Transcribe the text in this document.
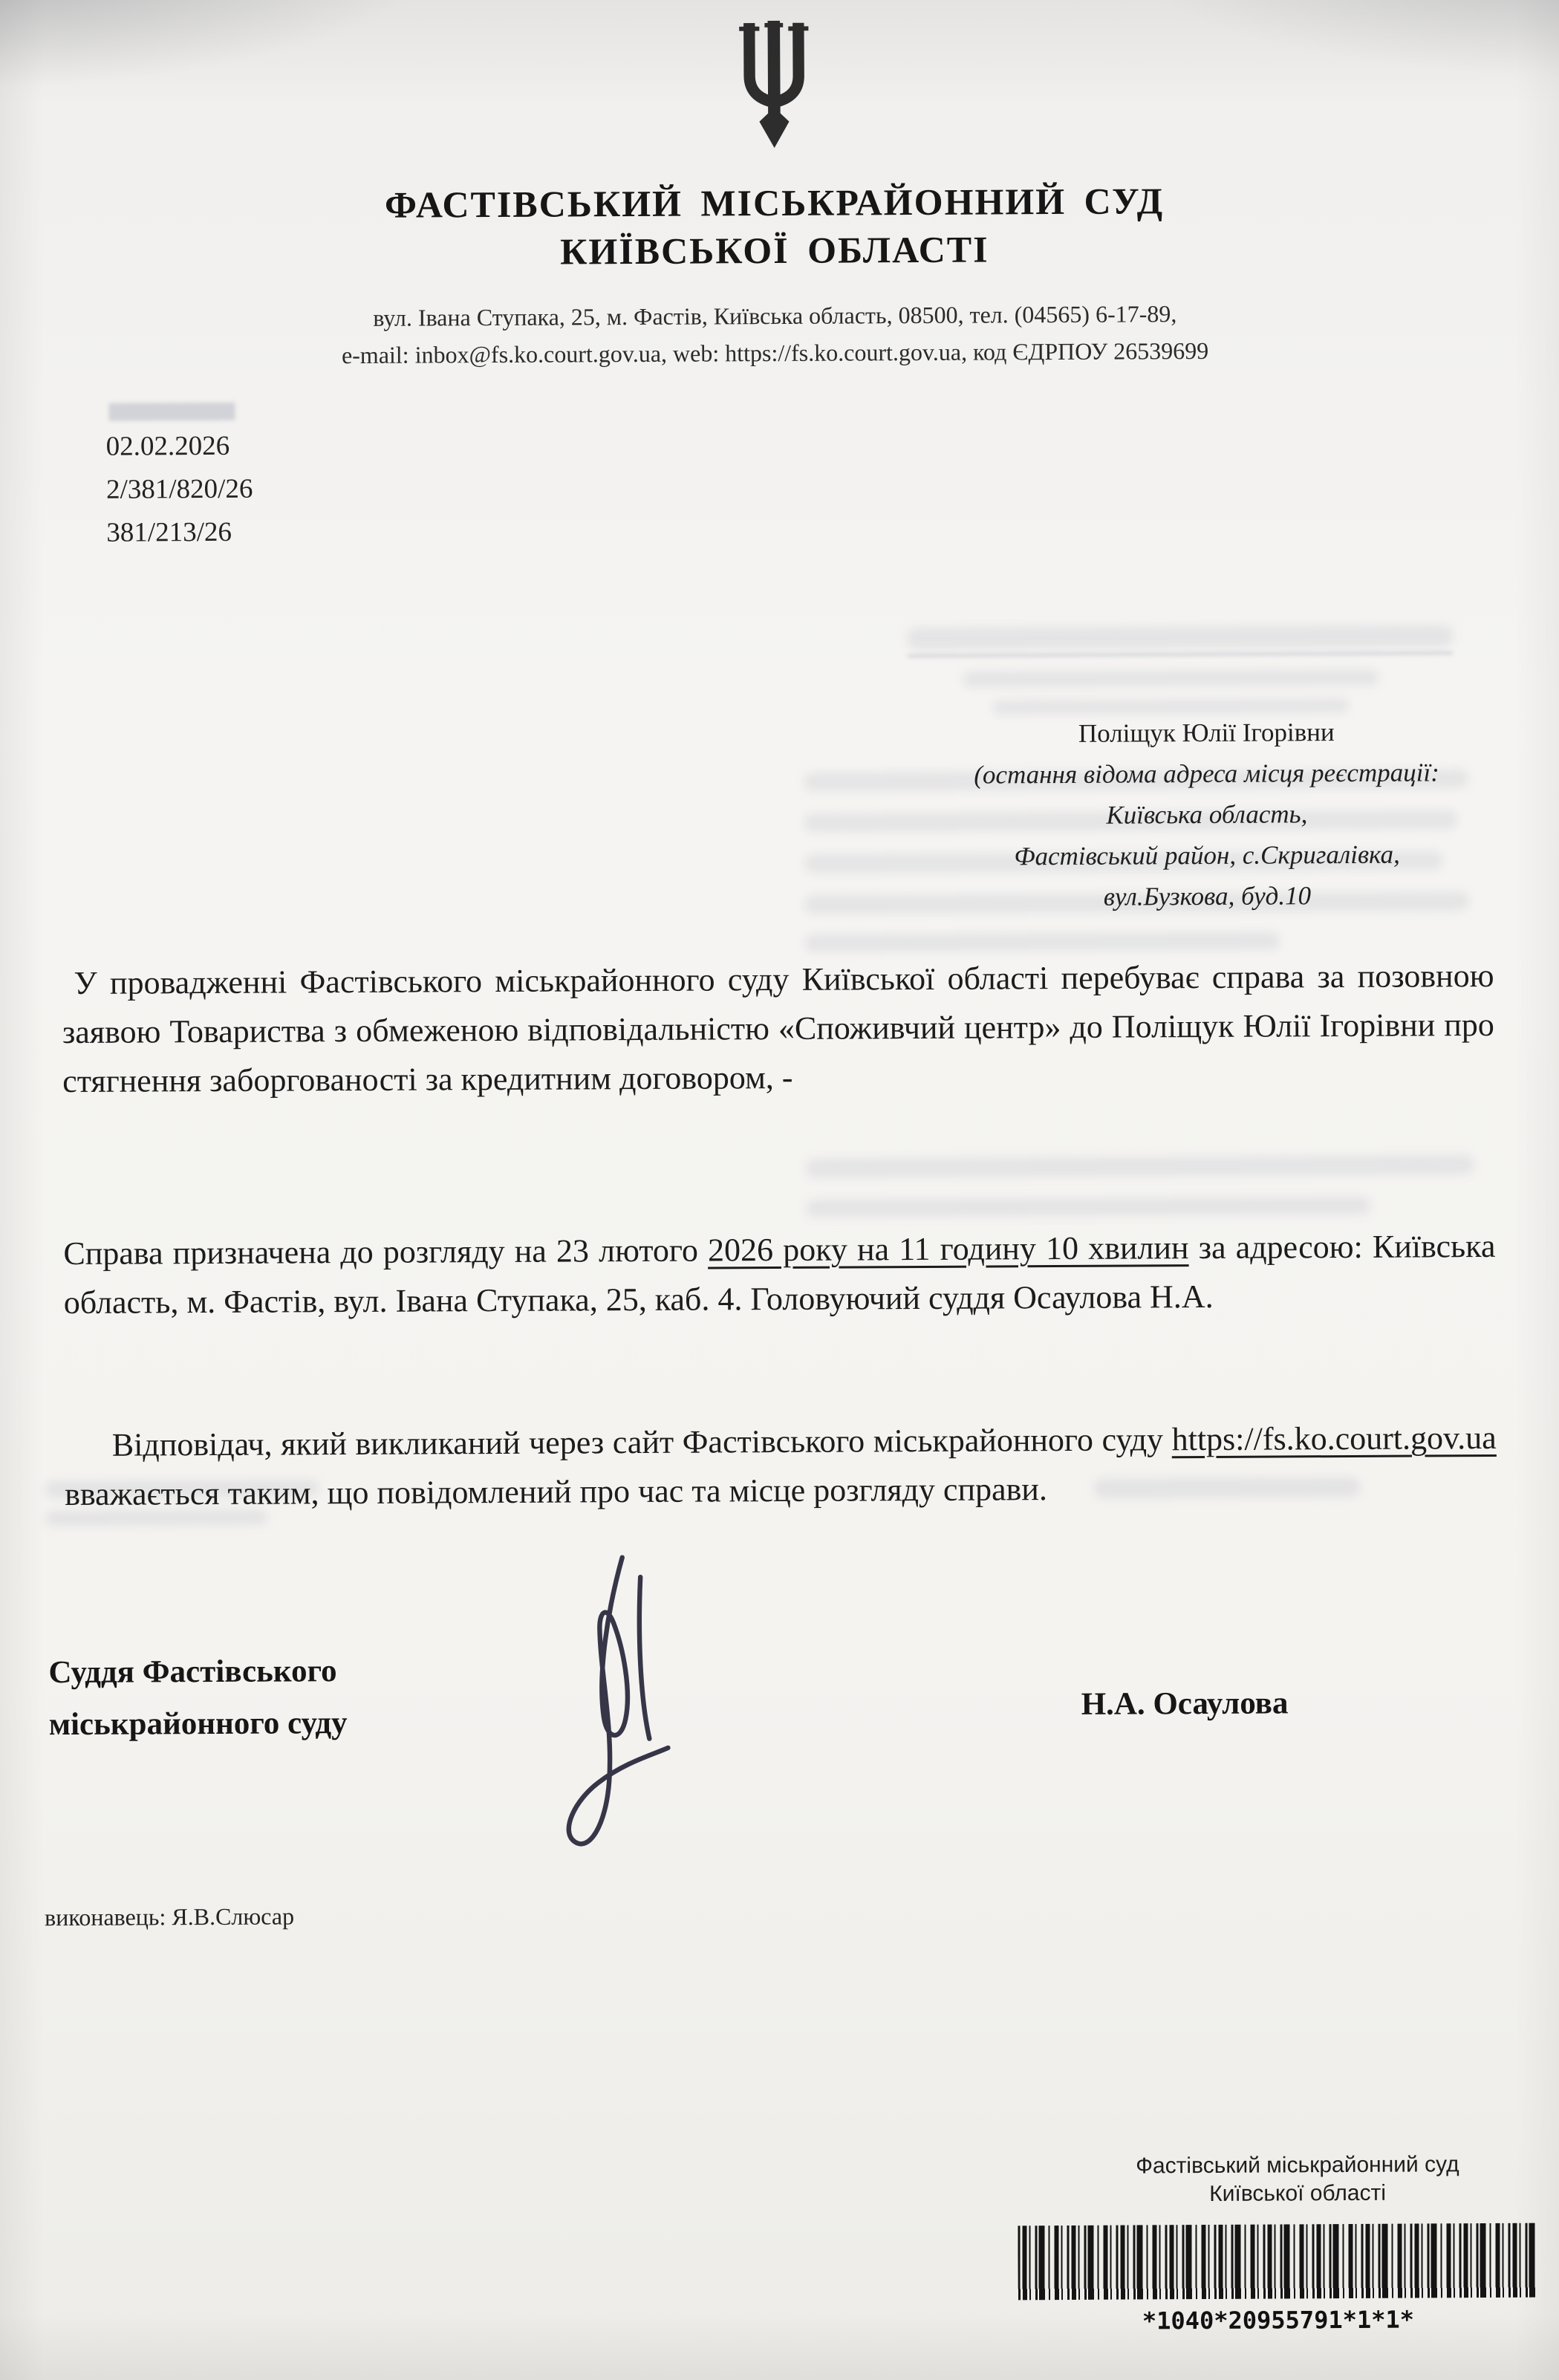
ФАСТІВСЬКИЙ МІСЬКРАЙОННИЙ СУД
КИЇВСЬКОЇ ОБЛАСТІ
вул. Івана Ступака, 25, м. Фастів, Київська область, 08500, тел. (04565) 6-17-89,
e-mail: inbox@fs.ko.court.gov.ua, web: https://fs.ko.court.gov.ua, код ЄДРПОУ 26539699
02.02.2026
2/381/820/26
381/213/26
Поліщук Юлії Ігорівни
(остання відома адреса місця реєстрації:
Київська область,
Фастівський район, с.Скригалівка,
вул.Бузкова, буд.10

У провадженні Фастівського міськрайонного суду Київської області перебуває справа за позовною заявою Товариства з обмеженою відповідальністю «Споживчий центр» до Поліщук Юлії Ігорівни про стягнення заборгованості за кредитним договором, -

Справа призначена до розгляду на 23 лютого 2026 року на 11 годину 10 хвилин за адресою: Київська область, м. Фастів, вул. Івана Ступака, 25, каб. 4. Головуючий суддя Осаулова Н.А.

Відповідач, який викликаний через сайт Фастівського міськрайонного суду https://fs.ko.court.gov.ua вважається таким, що повідомлений про час та місце розгляду справи.

Суддя Фастівського
міськрайонного суду
Н.А. Осаулова
виконавець: Я.В.Слюсар
Фастівський міськрайонний суд
Київської області
*1040*20955791*1*1*
